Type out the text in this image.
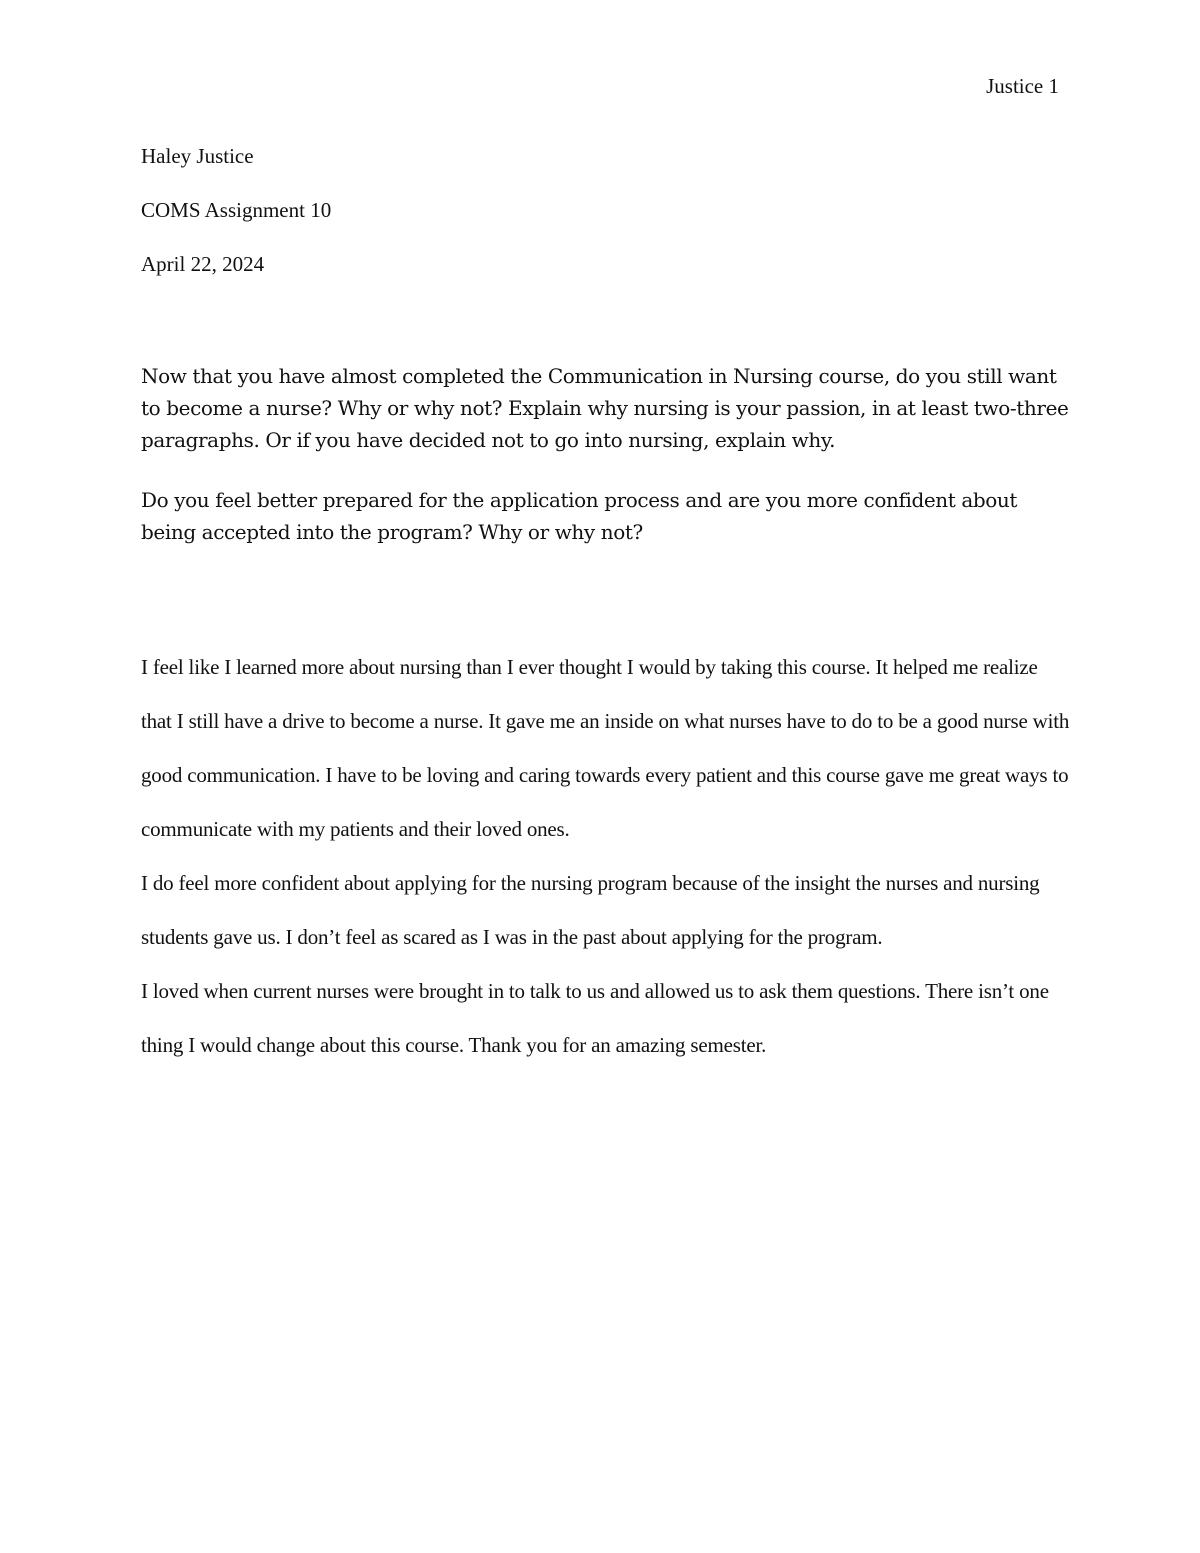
Justice 1
Haley Justice
COMS Assignment 10
April 22, 2024

Now that you have almost completed the Communication in Nursing course, do you still want to become a nurse? Why or why not? Explain why nursing is your passion, in at least two-three paragraphs. Or if you have decided not to go into nursing, explain why.

Do you feel better prepared for the application process and are you more confident about being accepted into the program? Why or why not?

I feel like I learned more about nursing than I ever thought I would by taking this course. It helped me realize that I still have a drive to become a nurse. It gave me an inside on what nurses have to do to be a good nurse with good communication. I have to be loving and caring towards every patient and this course gave me great ways to communicate with my patients and their loved ones.

I do feel more confident about applying for the nursing program because of the insight the nurses and nursing students gave us. I don’t feel as scared as I was in the past about applying for the program.

I loved when current nurses were brought in to talk to us and allowed us to ask them questions. There isn’t one thing I would change about this course. Thank you for an amazing semester.
